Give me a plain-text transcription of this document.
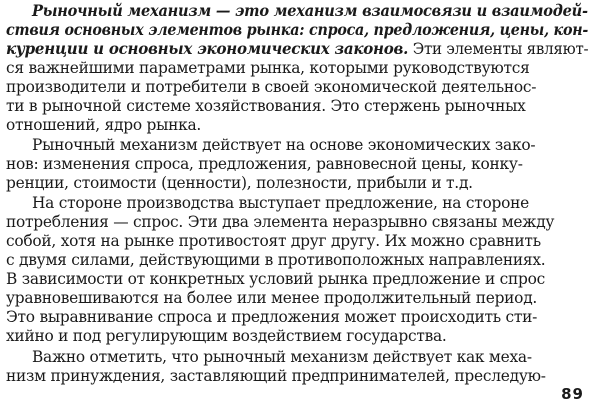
Рыночный механизм — это механизм взаимосвязи и взаимодей-
ствия основных элементов рынка: спроса, предложения, цены, кон-
куренции и основных экономических законов. Эти элементы являют-
ся важнейшими параметрами рынка, которыми руководствуются
производители и потребители в своей экономической деятельнос-
ти в рыночной системе хозяйствования. Это стержень рыночных
отношений, ядро рынка.
Рыночный механизм действует на основе экономических зако-
нов: изменения спроса, предложения, равновесной цены, конку-
ренции, стоимости (ценности), полезности, прибыли и т.д.
На стороне производства выступает предложение, на стороне
потребления — спрос. Эти два элемента неразрывно связаны между
собой, хотя на рынке противостоят друг другу. Их можно сравнить
с двумя силами, действующими в противоположных направлениях.
В зависимости от конкретных условий рынка предложение и спрос
уравновешиваются на более или менее продолжительный период.
Это выравнивание спроса и предложения может происходить сти-
хийно и под регулирующим воздействием государства.
Важно отметить, что рыночный механизм действует как меха-
низм принуждения, заставляющий предпринимателей, преследую-
89
